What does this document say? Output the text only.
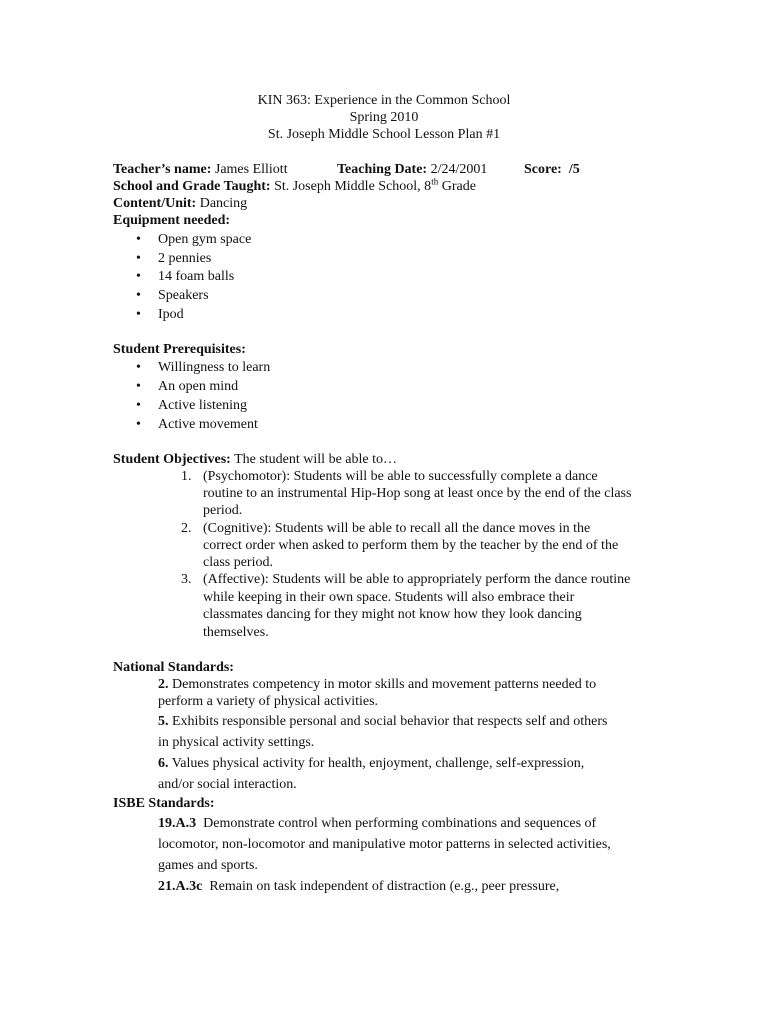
KIN 363: Experience in the Common School
Spring 2010
St. Joseph Middle School Lesson Plan #1
Teacher’s name: James Elliott	Teaching Date: 2/24/2001	Score: /5
School and Grade Taught: St. Joseph Middle School, 8th Grade
Content/Unit: Dancing
Equipment needed:
• Open gym space
• 2 pennies
• 14 foam balls
• Speakers
• Ipod
Student Prerequisites:
• Willingness to learn
• An open mind
• Active listening
• Active movement
Student Objectives: The student will be able to…
1. (Psychomotor): Students will be able to successfully complete a dance
routine to an instrumental Hip-Hop song at least once by the end of the class
period.
2. (Cognitive): Students will be able to recall all the dance moves in the
correct order when asked to perform them by the teacher by the end of the
class period.
3. (Affective): Students will be able to appropriately perform the dance routine
while keeping in their own space. Students will also embrace their
classmates dancing for they might not know how they look dancing
themselves.
National Standards:
2. Demonstrates competency in motor skills and movement patterns needed to
perform a variety of physical activities.
5. Exhibits responsible personal and social behavior that respects self and others
in physical activity settings.
6. Values physical activity for health, enjoyment, challenge, self-expression,
and/or social interaction.
ISBE Standards:
19.A.3 Demonstrate control when performing combinations and sequences of
locomotor, non-locomotor and manipulative motor patterns in selected activities,
games and sports.
21.A.3c Remain on task independent of distraction (e.g., peer pressure,
